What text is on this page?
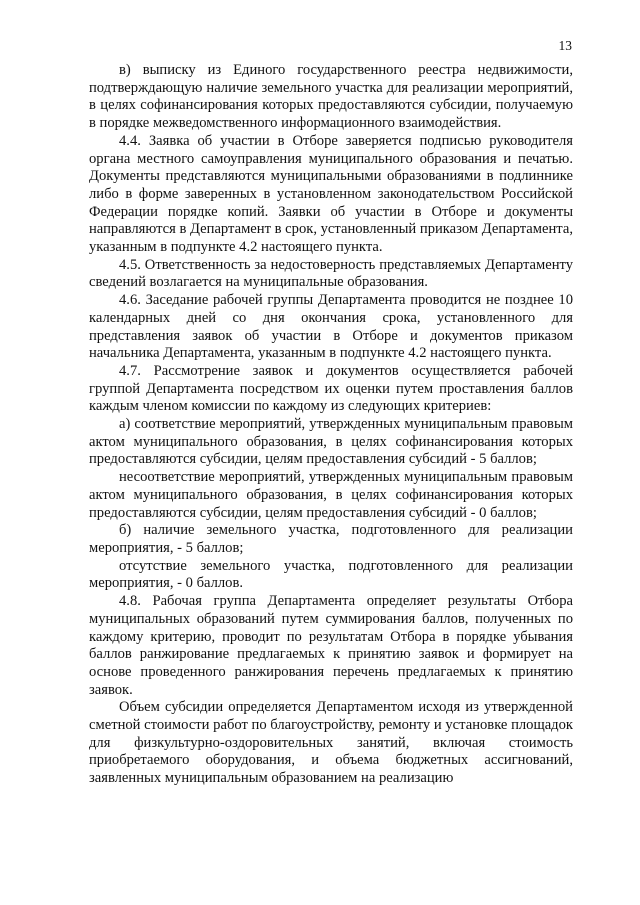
13

в) выписку из Единого государственного реестра недвижимости, подтверждающую наличие земельного участка для реализации мероприятий, в целях софинансирования которых предоставляются субсидии, получаемую в порядке межведомственного информационного взаимодействия.

4.4. Заявка об участии в Отборе заверяется подписью руководителя органа местного самоуправления муниципального образования и печатью. Документы представляются муниципальными образованиями в подлиннике либо в форме заверенных в установленном законодательством Российской Федерации порядке копий. Заявки об участии в Отборе и документы направляются в Департамент в срок, установленный приказом Департамента, указанным в подпункте 4.2 настоящего пункта.

4.5. Ответственность за недостоверность представляемых Департаменту сведений возлагается на муниципальные образования.

4.6. Заседание рабочей группы Департамента проводится не позднее 10 календарных дней со дня окончания срока, установленного для представления заявок об участии в Отборе и документов приказом начальника Департамента, указанным в подпункте 4.2 настоящего пункта.

4.7. Рассмотрение заявок и документов осуществляется рабочей группой Департамента посредством их оценки путем проставления баллов каждым членом комиссии по каждому из следующих критериев:

а) соответствие мероприятий, утвержденных муниципальным правовым актом муниципального образования, в целях софинансирования которых предоставляются субсидии, целям предоставления субсидий - 5 баллов;

несоответствие мероприятий, утвержденных муниципальным правовым актом муниципального образования, в целях софинансирования которых предоставляются субсидии, целям предоставления субсидий - 0 баллов;

б) наличие земельного участка, подготовленного для реализации мероприятия, - 5 баллов;

отсутствие земельного участка, подготовленного для реализации мероприятия, - 0 баллов.

4.8. Рабочая группа Департамента определяет результаты Отбора муниципальных образований путем суммирования баллов, полученных по каждому критерию, проводит по результатам Отбора в порядке убывания баллов ранжирование предлагаемых к принятию заявок и формирует на основе проведенного ранжирования перечень предлагаемых к принятию заявок.

Объем субсидии определяется Департаментом исходя из утвержденной сметной стоимости работ по благоустройству, ремонту и установке площадок для физкультурно-оздоровительных занятий, включая стоимость приобретаемого оборудования, и объема бюджетных ассигнований, заявленных муниципальным образованием на реализацию
